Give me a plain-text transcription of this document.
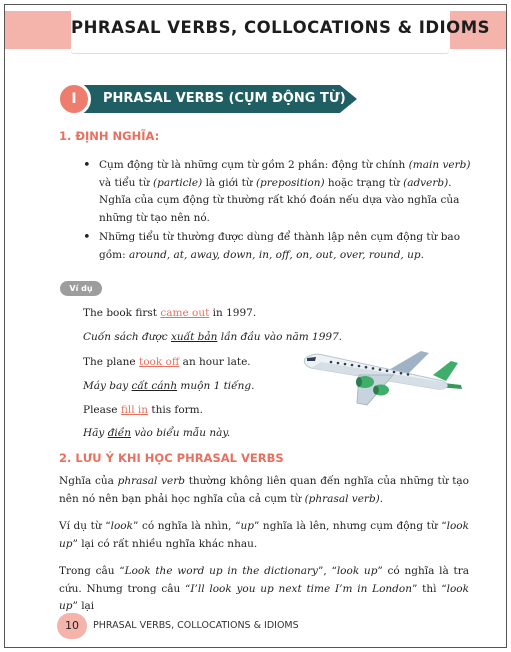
PHRASAL VERBS, COLLOCATIONS & IDIOMS
I	PHRASAL VERBS (CỤM ĐỘNG TỪ)
1. ĐỊNH NGHĨA:
• Cụm động từ là những cụm từ gồm 2 phần: động từ chính (main verb) và tiểu từ (particle) là giới từ (preposition) hoặc trạng từ (adverb). Nghĩa của cụm động từ thường rất khó đoán nếu dựa vào nghĩa của những từ tạo nên nó.
• Những tiểu từ thường được dùng để thành lập nên cụm động từ bao gồm: around, at, away, down, in, off, on, out, over, round, up.
Ví dụ
The book first came out in 1997.
Cuốn sách được xuất bản lần đầu vào năm 1997.
The plane took off an hour late.
Máy bay cất cánh muộn 1 tiếng.
Please fill in this form.
Hãy điền vào biểu mẫu này.
2. LƯU Ý KHI HỌC PHRASAL VERBS
Nghĩa của phrasal verb thường không liên quan đến nghĩa của những từ tạo nên nó nên bạn phải học nghĩa của cả cụm từ (phrasal verb).
Ví dụ từ “look” có nghĩa là nhìn, “up” nghĩa là lên, nhưng cụm động từ “look up” lại có rất nhiều nghĩa khác nhau.
Trong câu “Look the word up in the dictionary”, “look up” có nghĩa là tra cứu. Nhưng trong câu “I’ll look you up next time I’m in London” thì “look up” lại
10	PHRASAL VERBS, COLLOCATIONS & IDIOMS
